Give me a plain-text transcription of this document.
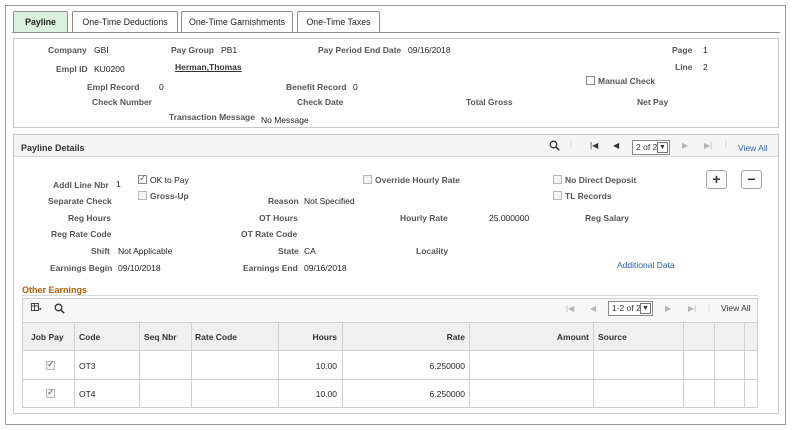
Payline	One-Time Deductions	One-Time Garnishments	One-Time Taxes
Company GBI	Pay Group PB1	Pay Period End Date 09/16/2018	Page 1
Empl ID KU0200	Herman,Thomas	Line 2
Manual Check
Empl Record 0	Benefit Record 0
Check Number	Check Date	Total Gross	Net Pay
Transaction Message No Message
Payline Details	| |◀ ◀	2 of 2 ▼ ▶ ▶| | View All
Addl Line Nbr 1
✓	OK to Pay	Override Hourly Rate	No Direct Deposit	+	−
Separate Check	Gross-Up	Reason Not Specified	TL Records
Reg Hours	OT Hours	Hourly Rate	25.000000	Reg Salary
Reg Rate Code	OT Rate Code
Shift Not Applicable	State CA	Locality
Earnings Begin 09/10/2018	Earnings End 09/16/2018	Additional Data
Other Earnings
|◀ ◀	1-2 of 2 ▼ ▶ ▶| | View All
Job Pay Code	Seq Nbr Rate Code	Source
✓
OT3
✓
OT4
